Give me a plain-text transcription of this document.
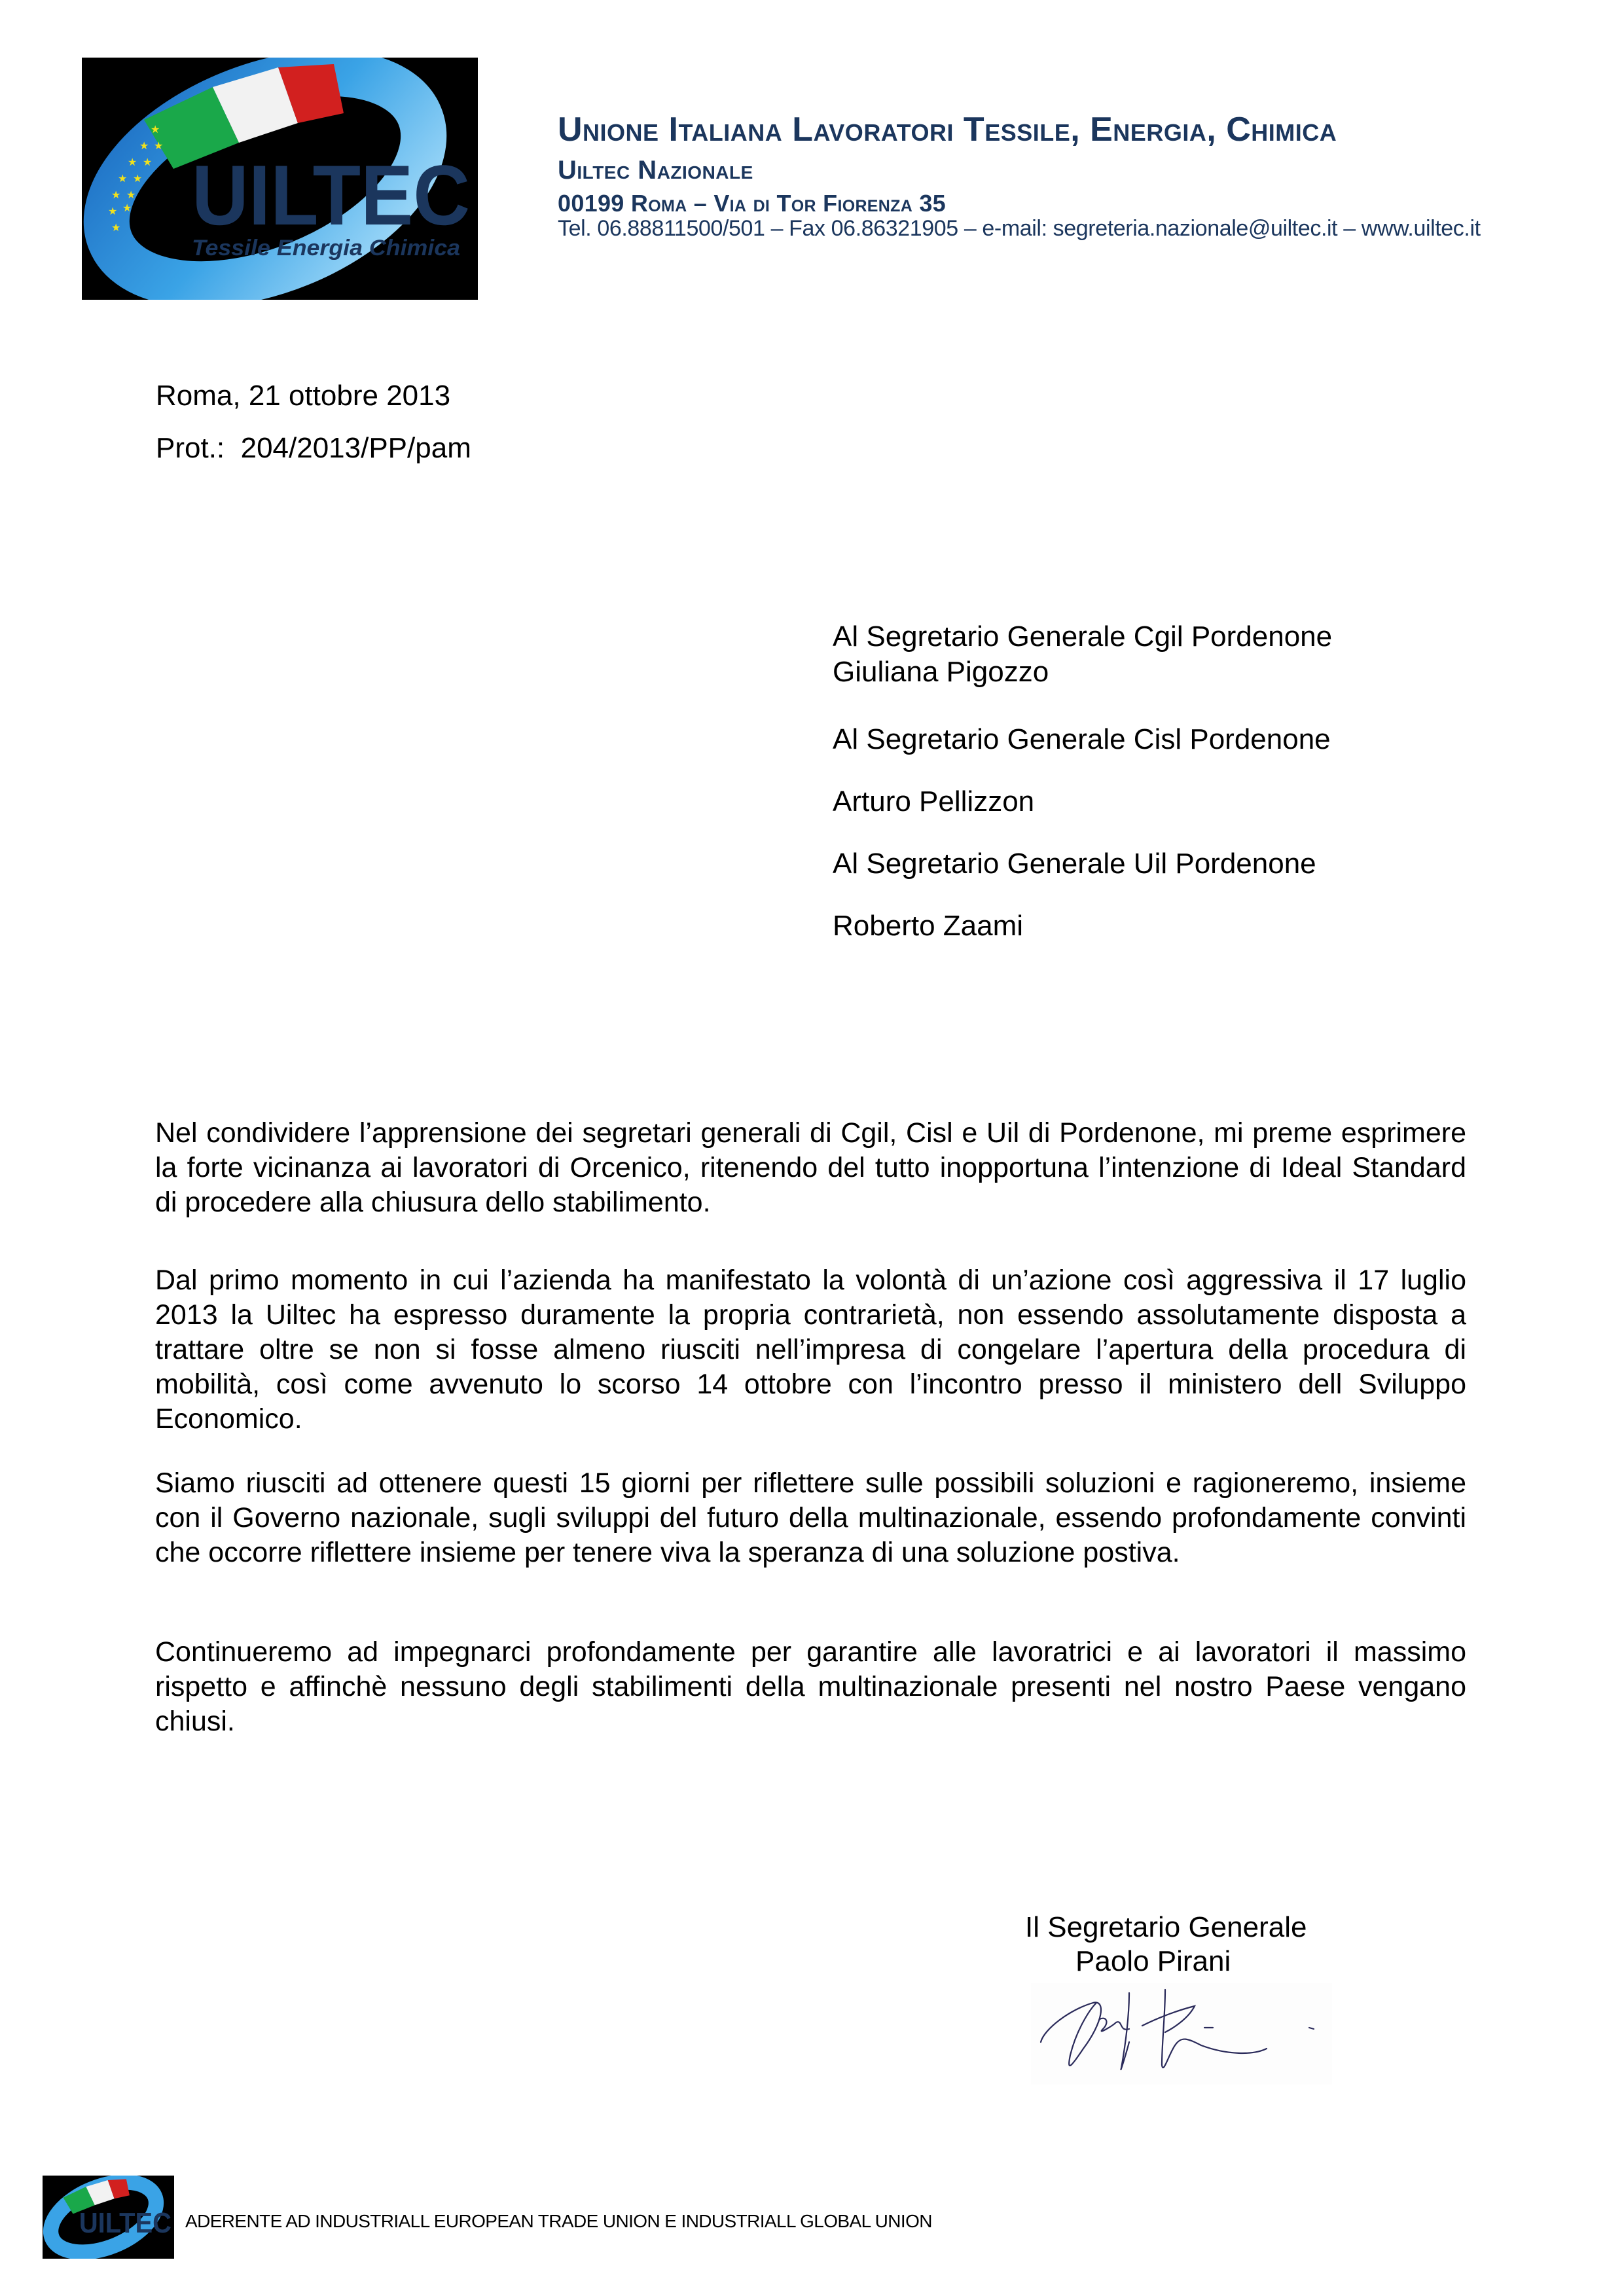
★
★ ★
★ ★
★ ★
★ ★
★ ★
★ UILTEC
Tessile Energia Chimica
Unione Italiana Lavoratori Tessile, Energia, Chimica
Uiltec Nazionale
00199 Roma – Via di Tor Fiorenza 35
Tel. 06.88811500/501 – Fax 06.86321905 – e-mail: segreteria.nazionale@uiltec.it – www.uiltec.it
Roma, 21 ottobre 2013
Prot.:  204/2013/PP/pam
Al Segretario Generale Cgil Pordenone
Giuliana Pigozzo
Al Segretario Generale Cisl Pordenone
Arturo Pellizzon
Al Segretario Generale Uil Pordenone
Roberto Zaami
Nel condividere l’apprensione dei segretari generali di Cgil, Cisl e Uil di Pordenone, mi preme esprimere la forte vicinanza ai lavoratori di Orcenico, ritenendo del tutto inopportuna l’intenzione di Ideal Standard di procedere alla chiusura dello stabilimento.
Dal primo momento in cui l’azienda ha manifestato la volontà di un’azione così aggressiva il 17 luglio 2013 la Uiltec ha espresso duramente la propria contrarietà, non essendo assolutamente disposta a trattare oltre se non si fosse almeno riusciti nell’impresa di congelare l’apertura della procedura di mobilità, così come avvenuto lo scorso 14 ottobre con l’incontro presso il ministero dell Sviluppo Economico.
Siamo riusciti ad ottenere questi 15 giorni per riflettere sulle possibili soluzioni e ragioneremo, insieme con il Governo nazionale, sugli sviluppi del futuro della multinazionale, essendo profondamente convinti che occorre riflettere insieme per tenere viva la speranza di una soluzione postiva.
Continueremo ad impegnarci profondamente per garantire alle lavoratrici e ai lavoratori il massimo rispetto e affinchè nessuno degli stabilimenti della multinazionale presenti nel nostro Paese vengano chiusi.
Il Segretario Generale
Paolo Pirani
UILTEC ADERENTE AD INDUSTRIALL EUROPEAN TRADE UNION E INDUSTRIALL GLOBAL UNION
